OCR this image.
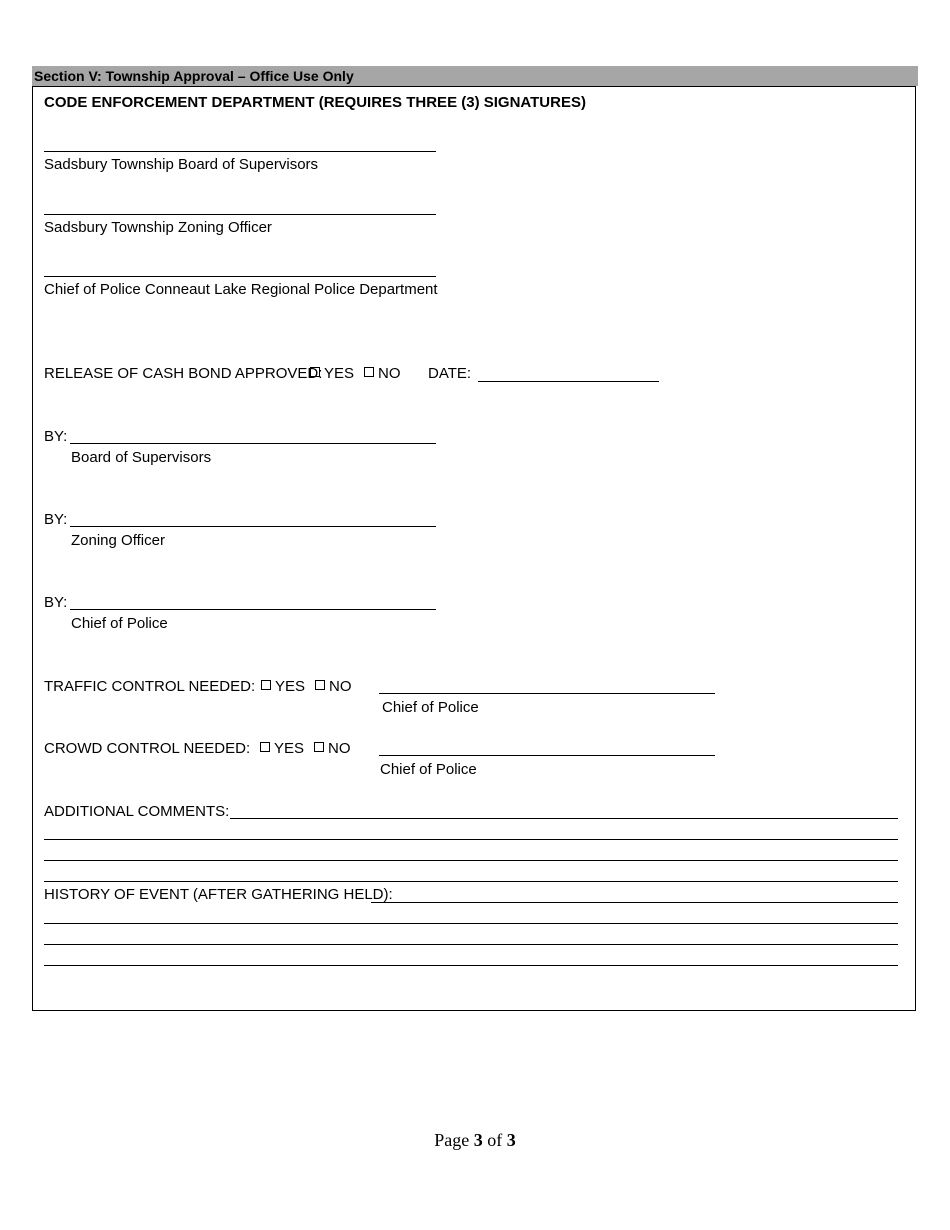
Section V: Township Approval – Office Use Only
CODE ENFORCEMENT DEPARTMENT (REQUIRES THREE (3) SIGNATURES)
Sadsbury Township Board of Supervisors
Sadsbury Township Zoning Officer
Chief of Police Conneaut Lake Regional Police Department
RELEASE OF CASH BOND APPROVED: YES	NO DATE:
BY:
Board of Supervisors
BY:
Zoning Officer
BY:
Chief of Police
TRAFFIC CONTROL NEEDED:	YES	NO
Chief of Police
CROWD CONTROL NEEDED:	YES	NO
Chief of Police
ADDITIONAL COMMENTS:
HISTORY OF EVENT (AFTER GATHERING HELD):
Page 3 of 3
